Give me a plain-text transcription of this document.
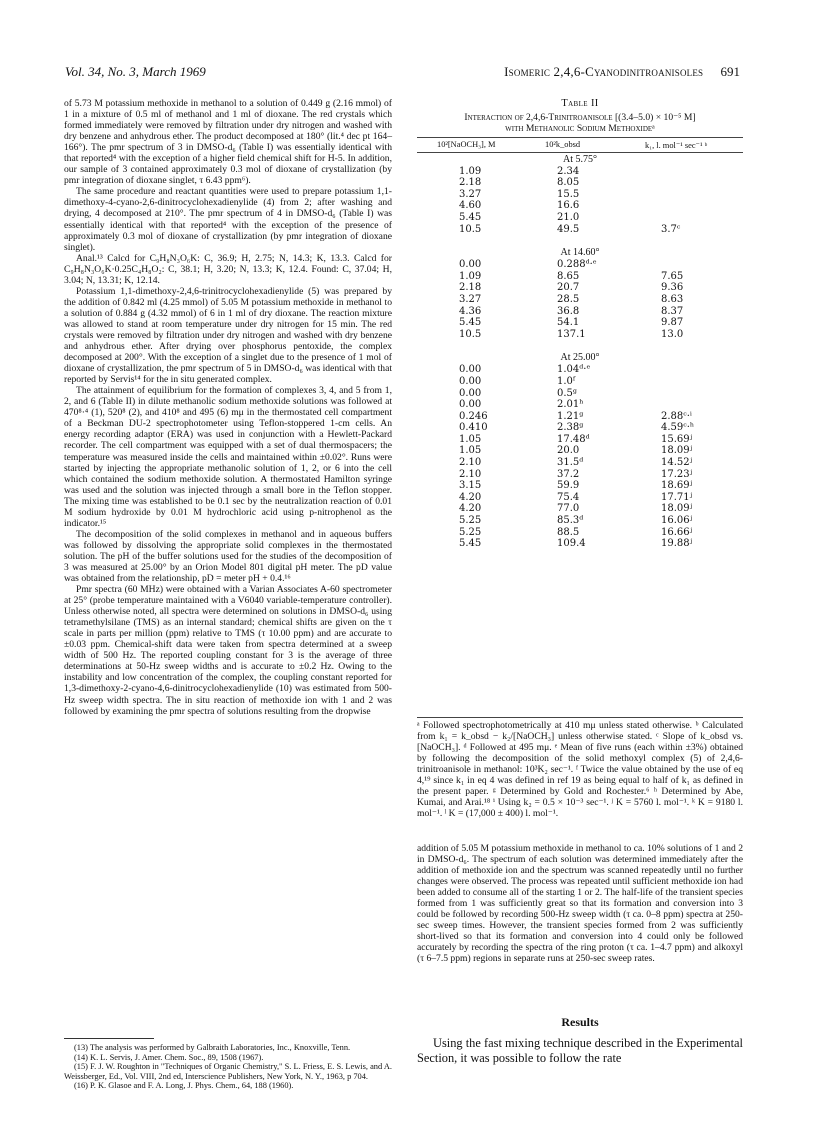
Vol. 34, No. 3, March 1969	Isomeric 2,4,6-Cyanodinitroanisoles 691

of 5.73 M potassium methoxide in methanol to a solution of 0.449 g (2.16 mmol) of 1 in a mixture of 0.5 ml of methanol and 1 ml of dioxane. The red crystals which formed immediately were removed by filtration under dry nitrogen and washed with dry benzene and anhydrous ether. The product decomposed at 180° (lit.⁴ dec pt 164–166°). The pmr spectrum of 3 in DMSO-d₆ (Table I) was essentially identical with that reported⁴ with the exception of a higher field chemical shift for H-5. In addition, our sample of 3 contained approximately 0.3 mol of dioxane of crystallization (by pmr integration of dioxane singlet, τ 6.43 ppm⁶).

The same procedure and reactant quantities were used to prepare potassium 1,1-dimethoxy-4-cyano-2,6-dinitrocyclohexadienylide (4) from 2; after washing and drying, 4 decomposed at 210°. The pmr spectrum of 4 in DMSO-d₆ (Table I) was essentially identical with that reported⁴ with the exception of the presence of approximately 0.3 mol of dioxane of crystallization (by pmr integration of dioxane singlet).

Anal.¹³ Calcd for C₉H₈N₃O₆K: C, 36.9; H, 2.75; N, 14.3; K, 13.3. Calcd for C₉H₈N₃O₆K·0.25C₄H₈O₂: C, 38.1; H, 3.20; N, 13.3; K, 12.4. Found: C, 37.04; H, 3.04; N, 13.31; K, 12.14.

Potassium 1,1-dimethoxy-2,4,6-trinitrocyclohexadienylide (5) was prepared by the addition of 0.842 ml (4.25 mmol) of 5.05 M potassium methoxide in methanol to a solution of 0.884 g (4.32 mmol) of 6 in 1 ml of dry dioxane. The reaction mixture was allowed to stand at room temperature under dry nitrogen for 15 min. The red crystals were removed by filtration under dry nitrogen and washed with dry benzene and anhydrous ether. After drying over phosphorus pentoxide, the complex decomposed at 200°. With the exception of a singlet due to the presence of 1 mol of dioxane of crystallization, the pmr spectrum of 5 in DMSO-d₆ was identical with that reported by Servis¹⁴ for the in situ generated complex.

The attainment of equilibrium for the formation of complexes 3, 4, and 5 from 1, 2, and 6 (Table II) in dilute methanolic sodium methoxide solutions was followed at 470⁸·⁴ (1), 520⁸ (2), and 410⁸ and 495 (6) mμ in the thermostated cell compartment of a Beckman DU-2 spectrophotometer using Teflon-stoppered 1-cm cells. An energy recording adaptor (ERA) was used in conjunction with a Hewlett-Packard recorder. The cell compartment was equipped with a set of dual thermospacers; the temperature was measured inside the cells and maintained within ±0.02°. Runs were started by injecting the appropriate methanolic solution of 1, 2, or 6 into the cell which contained the sodium methoxide solution. A thermostated Hamilton syringe was used and the solution was injected through a small bore in the Teflon stopper. The mixing time was established to be 0.1 sec by the neutralization reaction of 0.01 M sodium hydroxide by 0.01 M hydrochloric acid using p-nitrophenol as the indicator.¹⁵

The decomposition of the solid complexes in methanol and in aqueous buffers was followed by dissolving the appropriate solid complexes in the thermostated solution. The pH of the buffer solutions used for the studies of the decomposition of 3 was measured at 25.00° by an Orion Model 801 digital pH meter. The pD value was obtained from the relationship, pD = meter pH + 0.4.¹⁶

Pmr spectra (60 MHz) were obtained with a Varian Associates A-60 spectrometer at 25° (probe temperature maintained with a V6040 variable-temperature controller). Unless otherwise noted, all spectra were determined on solutions in DMSO-d₆ using tetramethylsilane (TMS) as an internal standard; chemical shifts are given on the τ scale in parts per million (ppm) relative to TMS (τ 10.00 ppm) and are accurate to ±0.03 ppm. Chemical-shift data were taken from spectra determined at a sweep width of 500 Hz. The reported coupling constant for 3 is the average of three determinations at 50-Hz sweep widths and is accurate to ±0.2 Hz. Owing to the instability and low concentration of the complex, the coupling constant reported for 1,3-dimethoxy-2-cyano-4,6-dinitrocyclohexadienylide (10) was estimated from 500-Hz sweep width spectra. The in situ reaction of methoxide ion with 1 and 2 was followed by examining the pmr spectra of solutions resulting from the dropwise

(13) The analysis was performed by Galbraith Laboratories, Inc., Knoxville, Tenn.

(14) K. L. Servis, J. Amer. Chem. Soc., 89, 1508 (1967).

(15) F. J. W. Roughton in "Techniques of Organic Chemistry," S. L. Friess, E. S. Lewis, and A. Weissberger, Ed., Vol. VIII, 2nd ed, Interscience Publishers, New York, N. Y., 1963, p 704.

(16) P. K. Glasoe and F. A. Long, J. Phys. Chem., 64, 188 (1960).

Table II
Interaction of 2,4,6-Trinitroanisole [(3.4–5.0) × 10⁻⁵ M]
with Methanolic Sodium Methoxideᵃ
10²[NaOCH₃], M	10²k_obsd	k₁, l. mol⁻¹ sec⁻¹ ᵇ
At 5.75°
1.09	2.34
2.18	8.05
3.27	15.5
4.60	16.6
5.45	21.0
10.5	49.5	3.7ᶜ
At 14.60°
0.00	0.288ᵈ·ᵉ
1.09	8.65	7.65
2.18	20.7	9.36
3.27	28.5	8.63
4.36	36.8	8.37
5.45	54.1	9.87
10.5	137.1	13.0
At 25.00°
0.00	1.04ᵈ·ᵉ
0.00	1.0ᶠ
0.00	0.5ᵍ
0.00	2.01ʰ
0.246	1.21ᵍ	2.88ᶜ·ⁱ
0.410	2.38ᵍ	4.59ᶜ·ʰ
1.05	17.48ᵈ	15.69ʲ
1.05	20.0	18.09ʲ
2.10	31.5ᵈ	14.52ʲ
2.10	37.2	17.23ʲ
3.15	59.9	18.69ʲ
4.20	75.4	17.71ʲ
4.20	77.0	18.09ʲ
5.25	85.3ᵈ	16.06ʲ
5.25	88.5	16.66ʲ
5.45	109.4	19.88ʲ
ᵃ Followed spectrophotometrically at 410 mμ unless stated otherwise. ᵇ Calculated from k₁ = k_obsd − k₂/[NaOCH₃] unless otherwise stated. ᶜ Slope of k_obsd vs. [NaOCH₃]. ᵈ Followed at 495 mμ. ᵉ Mean of five runs (each within ±3%) obtained by following the decomposition of the solid methoxyl complex (5) of 2,4,6-trinitroanisole in methanol: 10³K₂ sec⁻¹. ᶠ Twice the value obtained by the use of eq 4,¹⁹ since k₁ in eq 4 was defined in ref 19 as being equal to half of k₁ as defined in the present paper. ᵍ Determined by Gold and Rochester.⁶ ʰ Determined by Abe, Kumai, and Arai.¹⁸ ⁱ Using k₂ = 0.5 × 10⁻³ sec⁻¹. ʲ K = 5760 l. mol⁻¹. ᵏ K = 9180 l. mol⁻¹. ˡ K = (17,000 ± 400) l. mol⁻¹.

addition of 5.05 M potassium methoxide in methanol to ca. 10% solutions of 1 and 2 in DMSO-d₆. The spectrum of each solution was determined immediately after the addition of methoxide ion and the spectrum was scanned repeatedly until no further changes were observed. The process was repeated until sufficient methoxide ion had been added to consume all of the starting 1 or 2. The half-life of the transient species formed from 1 was sufficiently great so that its formation and conversion into 3 could be followed by recording 500-Hz sweep width (τ ca. 0–8 ppm) spectra at 250-sec sweep times. However, the transient species formed from 2 was sufficiently short-lived so that its formation and conversion into 4 could only be followed accurately by recording the spectra of the ring proton (τ ca. 1–4.7 ppm) and alkoxyl (τ 6–7.5 ppm) regions in separate runs at 250-sec sweep rates.

Results

Using the fast mixing technique described in the Experimental Section, it was possible to follow the rate
